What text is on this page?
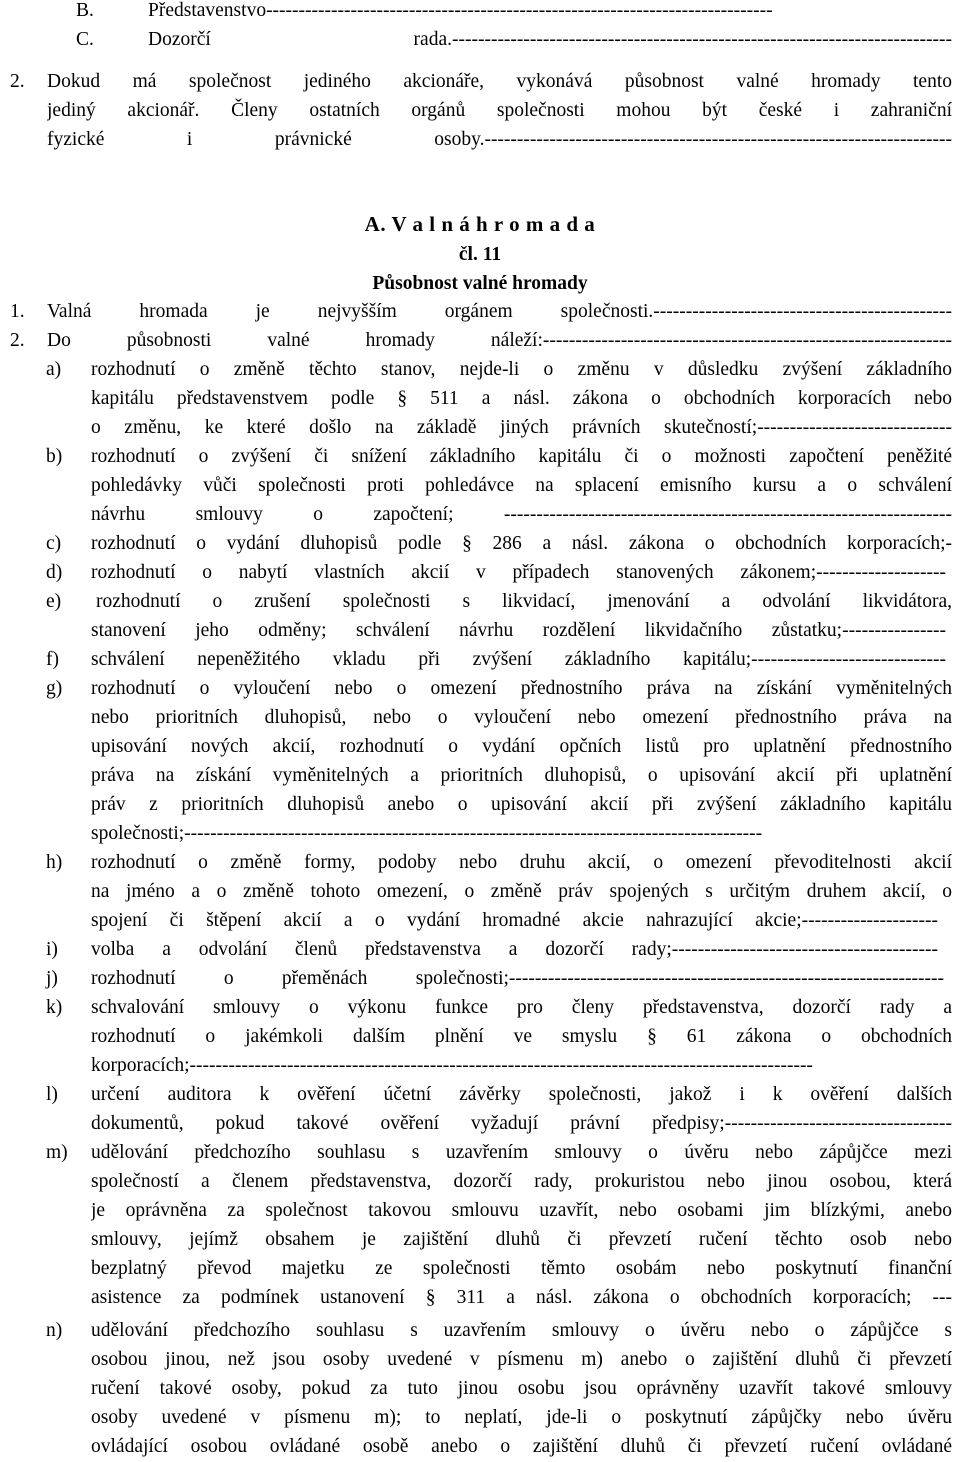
B.	Představenstvo------------------------------------------------------------------------------
C.	Dozorčí rada.-----------------------------------------------------------------------------
2. Dokud má společnost jediného akcionáře, vykonává působnost valné hromady tento
jediný akcionář. Členy ostatních orgánů společnosti mohou být české i zahraniční
fyzické i právnické osoby.------------------------------------------------------------------------
A. V a l n á h r o m a d a
čl. 11
Působnost valné hromady
1. Valná hromada je nejvyšším orgánem společnosti.----------------------------------------------
2. Do působnosti valné hromady náleží:---------------------------------------------------------------
a) rozhodnutí o změně těchto stanov, nejde-li o změnu v důsledku zvýšení základního
kapitálu představenstvem podle § 511 a násl. zákona o obchodních korporacích nebo
o změnu, ke které došlo na základě jiných právních skutečností;------------------------------
b) rozhodnutí o zvýšení či snížení základního kapitálu či o možnosti započtení peněžité
pohledávky vůči společnosti proti pohledávce na splacení emisního kursu a o schválení
návrhu smlouvy o započtení; ---------------------------------------------------------------------
c) rozhodnutí o vydání dluhopisů podle § 286 a násl. zákona o obchodních korporacích;-
d) rozhodnutí o nabytí vlastních akcií v případech stanovených zákonem;--------------------
e) rozhodnutí o zrušení společnosti s likvidací, jmenování a odvolání likvidátora,
stanovení jeho odměny; schválení návrhu rozdělení likvidačního zůstatku;----------------
f) schválení nepeněžitého vkladu při zvýšení základního kapitálu;------------------------------
g) rozhodnutí o vyloučení nebo o omezení přednostního práva na získání vyměnitelných
nebo prioritních dluhopisů, nebo o vyloučení nebo omezení přednostního práva na
upisování nových akcií, rozhodnutí o vydání opčních listů pro uplatnění přednostního
práva na získání vyměnitelných a prioritních dluhopisů, o upisování akcií při uplatnění
práv z prioritních dluhopisů anebo o upisování akcií při zvýšení základního kapitálu
společnosti;-----------------------------------------------------------------------------------------
h) rozhodnutí o změně formy, podoby nebo druhu akcií, o omezení převoditelnosti akcií
na jméno a o změně tohoto omezení, o změně práv spojených s určitým druhem akcií, o
spojení či štěpení akcií a o vydání hromadné akcie nahrazující akcie;---------------------
i) volba a odvolání členů představenstva a dozorčí rady;-----------------------------------------
j) rozhodnutí o přeměnách společnosti;-------------------------------------------------------------------
k) schvalování smlouvy o výkonu funkce pro členy představenstva, dozorčí rady a
rozhodnutí o jakémkoli dalším plnění ve smyslu § 61 zákona o obchodních
korporacích;------------------------------------------------------------------------------------------------
l) určení auditora k ověření účetní závěrky společnosti, jakož i k ověření dalších
dokumentů, pokud takové ověření vyžadují právní předpisy;-----------------------------------
m) udělování předchozího souhlasu s uzavřením smlouvy o úvěru nebo zápůjčce mezi
společností a členem představenstva, dozorčí rady, prokuristou nebo jinou osobou, která
je oprávněna za společnost takovou smlouvu uzavřít, nebo osobami jim blízkými, anebo
smlouvy, jejímž obsahem je zajištění dluhů či převzetí ručení těchto osob nebo
bezplatný převod majetku ze společnosti těmto osobám nebo poskytnutí finanční
asistence za podmínek ustanovení § 311 a násl. zákona o obchodních korporacích; ---
n) udělování předchozího souhlasu s uzavřením smlouvy o úvěru nebo o zápůjčce s
osobou jinou, než jsou osoby uvedené v písmenu m) anebo o zajištění dluhů či převzetí
ručení takové osoby, pokud za tuto jinou osobu jsou oprávněny uzavřít takové smlouvy
osoby uvedené v písmenu m); to neplatí, jde-li o poskytnutí zápůjčky nebo úvěru
ovládající osobou ovládané osobě anebo o zajištění dluhů či převzetí ručení ovládané
